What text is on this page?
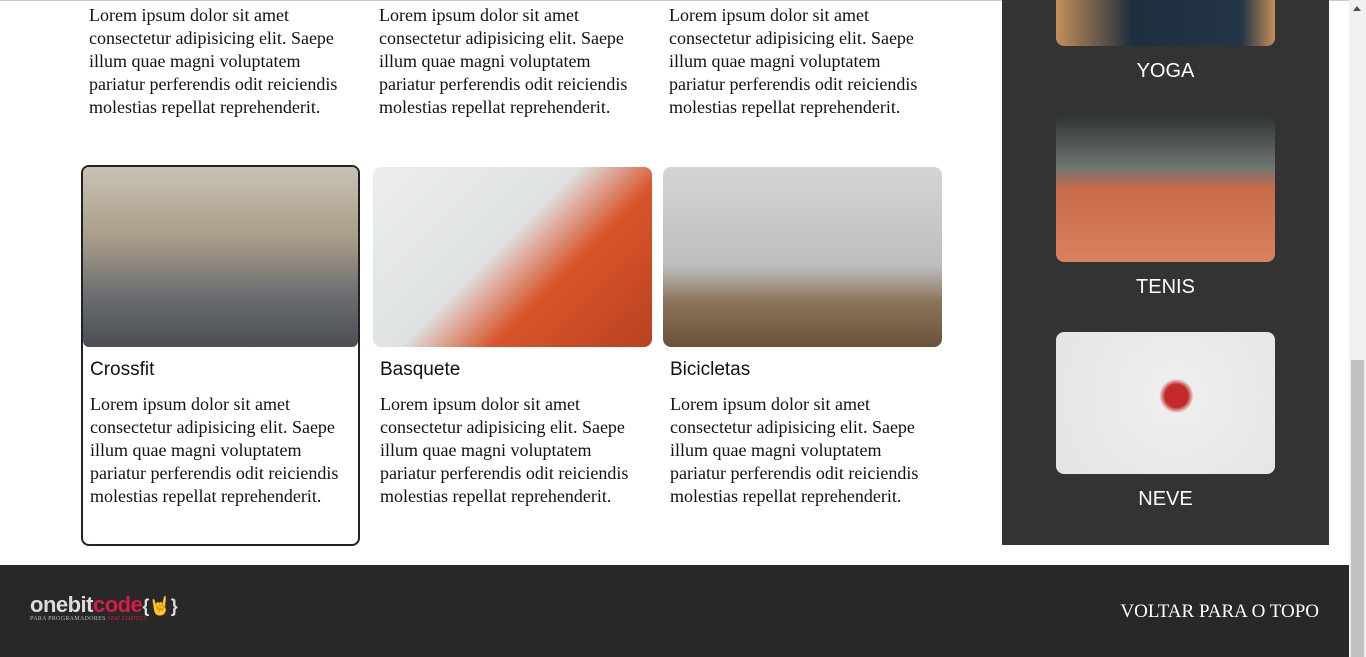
Lorem ipsum dolor sit amet consectetur adipisicing elit. Saepe illum quae magni voluptatem pariatur perferendis odit reiciendis molestias repellat reprehenderit.

Lorem ipsum dolor sit amet consectetur adipisicing elit. Saepe illum quae magni voluptatem pariatur perferendis odit reiciendis molestias repellat reprehenderit.

Lorem ipsum dolor sit amet consectetur adipisicing elit. Saepe illum quae magni voluptatem pariatur perferendis odit reiciendis molestias repellat reprehenderit.

Crossfit

Lorem ipsum dolor sit amet consectetur adipisicing elit. Saepe illum quae magni voluptatem pariatur perferendis odit reiciendis molestias repellat reprehenderit.

Basquete

Lorem ipsum dolor sit amet consectetur adipisicing elit. Saepe illum quae magni voluptatem pariatur perferendis odit reiciendis molestias repellat reprehenderit.

Bicicletas

Lorem ipsum dolor sit amet consectetur adipisicing elit. Saepe illum quae magni voluptatem pariatur perferendis odit reiciendis molestias repellat reprehenderit.

YOGA
TENIS
NEVE
onebitcode{🤘}
PARA PROGRAMADORES SEM LIMITES	VOLTAR PARA O TOPO
